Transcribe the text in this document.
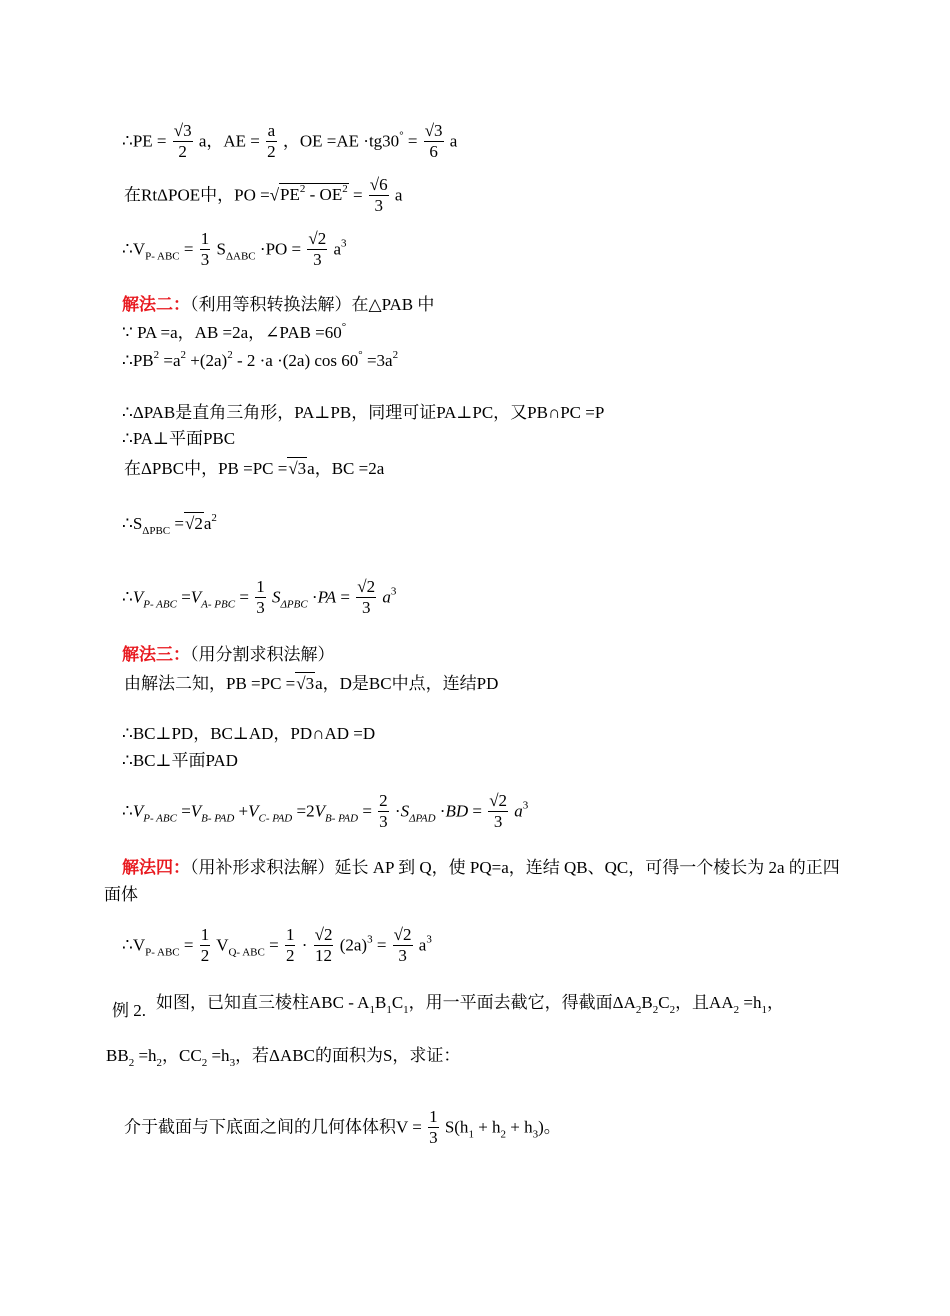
∴PE = $\frac{√3}{2}$ a，AE = $\frac{a}{2}$ ，OE $=AE \cdot tg30^\circ = \frac{√3}{6}$ a
在RtΔPOE中，PO $=√PE^2 - OE^2 = \frac{√6}{3}$ a
$\therefore V_{P- ABC} = \frac{1}{3} S_{\Delta ABC} \cdot PO = \frac{√2}{3} a^3$
解法二：（利用等积转换法解）在△PAB 中
∵ PA =a，AB =2a，∠PAB =60°
$\therefore PB^2 =a^2 +(2a)^2 - 2 \cdot a \cdot(2a)$ $\cos 60^\circ =3a^2$
∴ΔPAB是直角三角形，PA⊥PB，同理可证PA⊥PC，又PB∩PC =P
∴PA⊥平面PBC
在ΔPBC中，PB =PC =√3a，BC =2a
$\therefore S_{\Delta PBC} =√2a^2$
$\therefore V_{P- ABC} =V_{A- PBC} = \frac{1}{3} S_{\Delta PBC} \cdot PA = \frac{√2}{3} a^3$
解法三：（用分割求积法解）
由解法二知，PB =PC =√3a，D是BC中点，连结PD
∴BC⊥PD，BC⊥AD，PD∩AD =D
∴BC⊥平面PAD
$\therefore V_{P- ABC} =V_{B- PAD} +V_{C- PAD} =2V_{B- PAD} = \frac{2}{3} \cdot S_{\Delta PAD} \cdot BD = \frac{√2}{3} a^3$
解法四：（用补形求积法解）延长 AP 到 Q，使 PQ=a，连结 QB、QC，可得一个棱长为 2a 的正四
面体
$\therefore V_{P- ABC} = \frac{1}{2} V_{Q- ABC} = \frac{1}{2} \cdot \frac{√2}{12} (2a)^3 = \frac{√2}{3} a^3$
例 2. 如图，已知直三棱柱ABC - $A_1B_1C_1$，用一平面去截它，得截面$\Delta A_2B_2C_2$，且$AA_2 =h_1$，
$BB_2 =h_2$，$CC_2 =h_3$，若ΔABC的面积为S，求证：
介于截面与下底面之间的几何体体积$V = \frac{1}{3} S(h_1 + h_2 + h_3)$。
